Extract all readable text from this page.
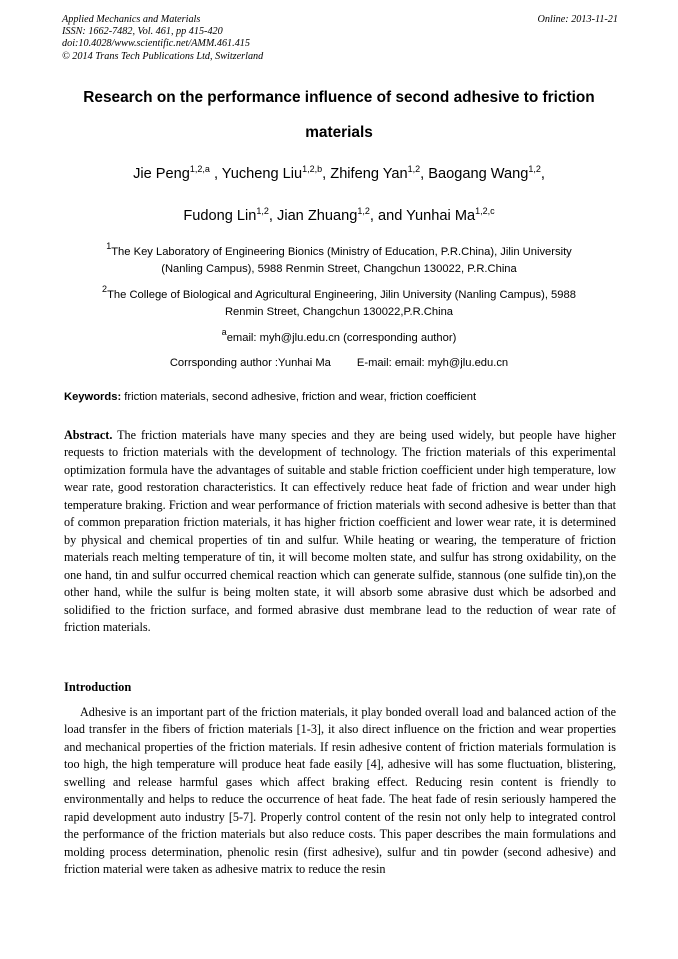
Applied Mechanics and Materials
ISSN: 1662-7482, Vol. 461, pp 415-420
doi:10.4028/www.scientific.net/AMM.461.415
© 2014 Trans Tech Publications Ltd, Switzerland
Online: 2013-11-21
Research on the performance influence of second adhesive to friction
materials
Jie Peng$^{1,2,a}$ , Yucheng Liu$^{1,2,b}$, Zhifeng Yan$^{1,2}$, Baogang Wang$^{1,2}$,
Fudong Lin$^{1,2}$, Jian Zhuang$^{1,2}$, and Yunhai Ma$^{1,2,c}$
$^1$The Key Laboratory of Engineering Bionics (Ministry of Education, P.R.China), Jilin University
(Nanling Campus), 5988 Renmin Street, Changchun 130022, P.R.China
$^2$The College of Biological and Agricultural Engineering, Jilin University (Nanling Campus), 5988
Renmin Street, Changchun 130022,P.R.China
$^a$email: myh@jlu.edu.cn (corresponding author)
Corrsponding author :Yunhai Ma E-mail: email: myh@jlu.edu.cn
Keywords: friction materials, second adhesive, friction and wear, friction coefficient
Abstract. The friction materials have many species and they are being used widely, but people have higher requests to friction materials with the development of technology. The friction materials of this experimental optimization formula have the advantages of suitable and stable friction coefficient under high temperature, low wear rate, good restoration characteristics. It can effectively reduce heat fade of friction and wear under high temperature braking. Friction and wear performance of friction materials with second adhesive is better than that of common preparation friction materials, it has higher friction coefficient and lower wear rate, it is determined by physical and chemical properties of tin and sulfur. While heating or wearing, the temperature of friction materials reach melting temperature of tin, it will become molten state, and sulfur has strong oxidability, on the one hand, tin and sulfur occurred chemical reaction which can generate sulfide, stannous (one sulfide tin),on the other hand, while the sulfur is being molten state, it will absorb some abrasive dust which be adsorbed and solidified to the friction surface, and formed abrasive dust membrane lead to the reduction of wear rate of friction materials.
Introduction
Adhesive is an important part of the friction materials, it play bonded overall load and balanced action of the load transfer in the fibers of friction materials [1-3], it also direct influence on the friction and wear properties and mechanical properties of the friction materials. If resin adhesive content of friction materials formulation is too high, the high temperature will produce heat fade easily [4], adhesive will has some fluctuation, blistering, swelling and release harmful gases which affect braking effect. Reducing resin content is friendly to environmentally and helps to reduce the occurrence of heat fade. The heat fade of resin seriously hampered the rapid development auto industry [5-7]. Properly control content of the resin not only help to integrated control the performance of the friction materials but also reduce costs. This paper describes the main formulations and molding process determination, phenolic resin (first adhesive), sulfur and tin powder (second adhesive) and friction material were taken as adhesive matrix to reduce the resin
